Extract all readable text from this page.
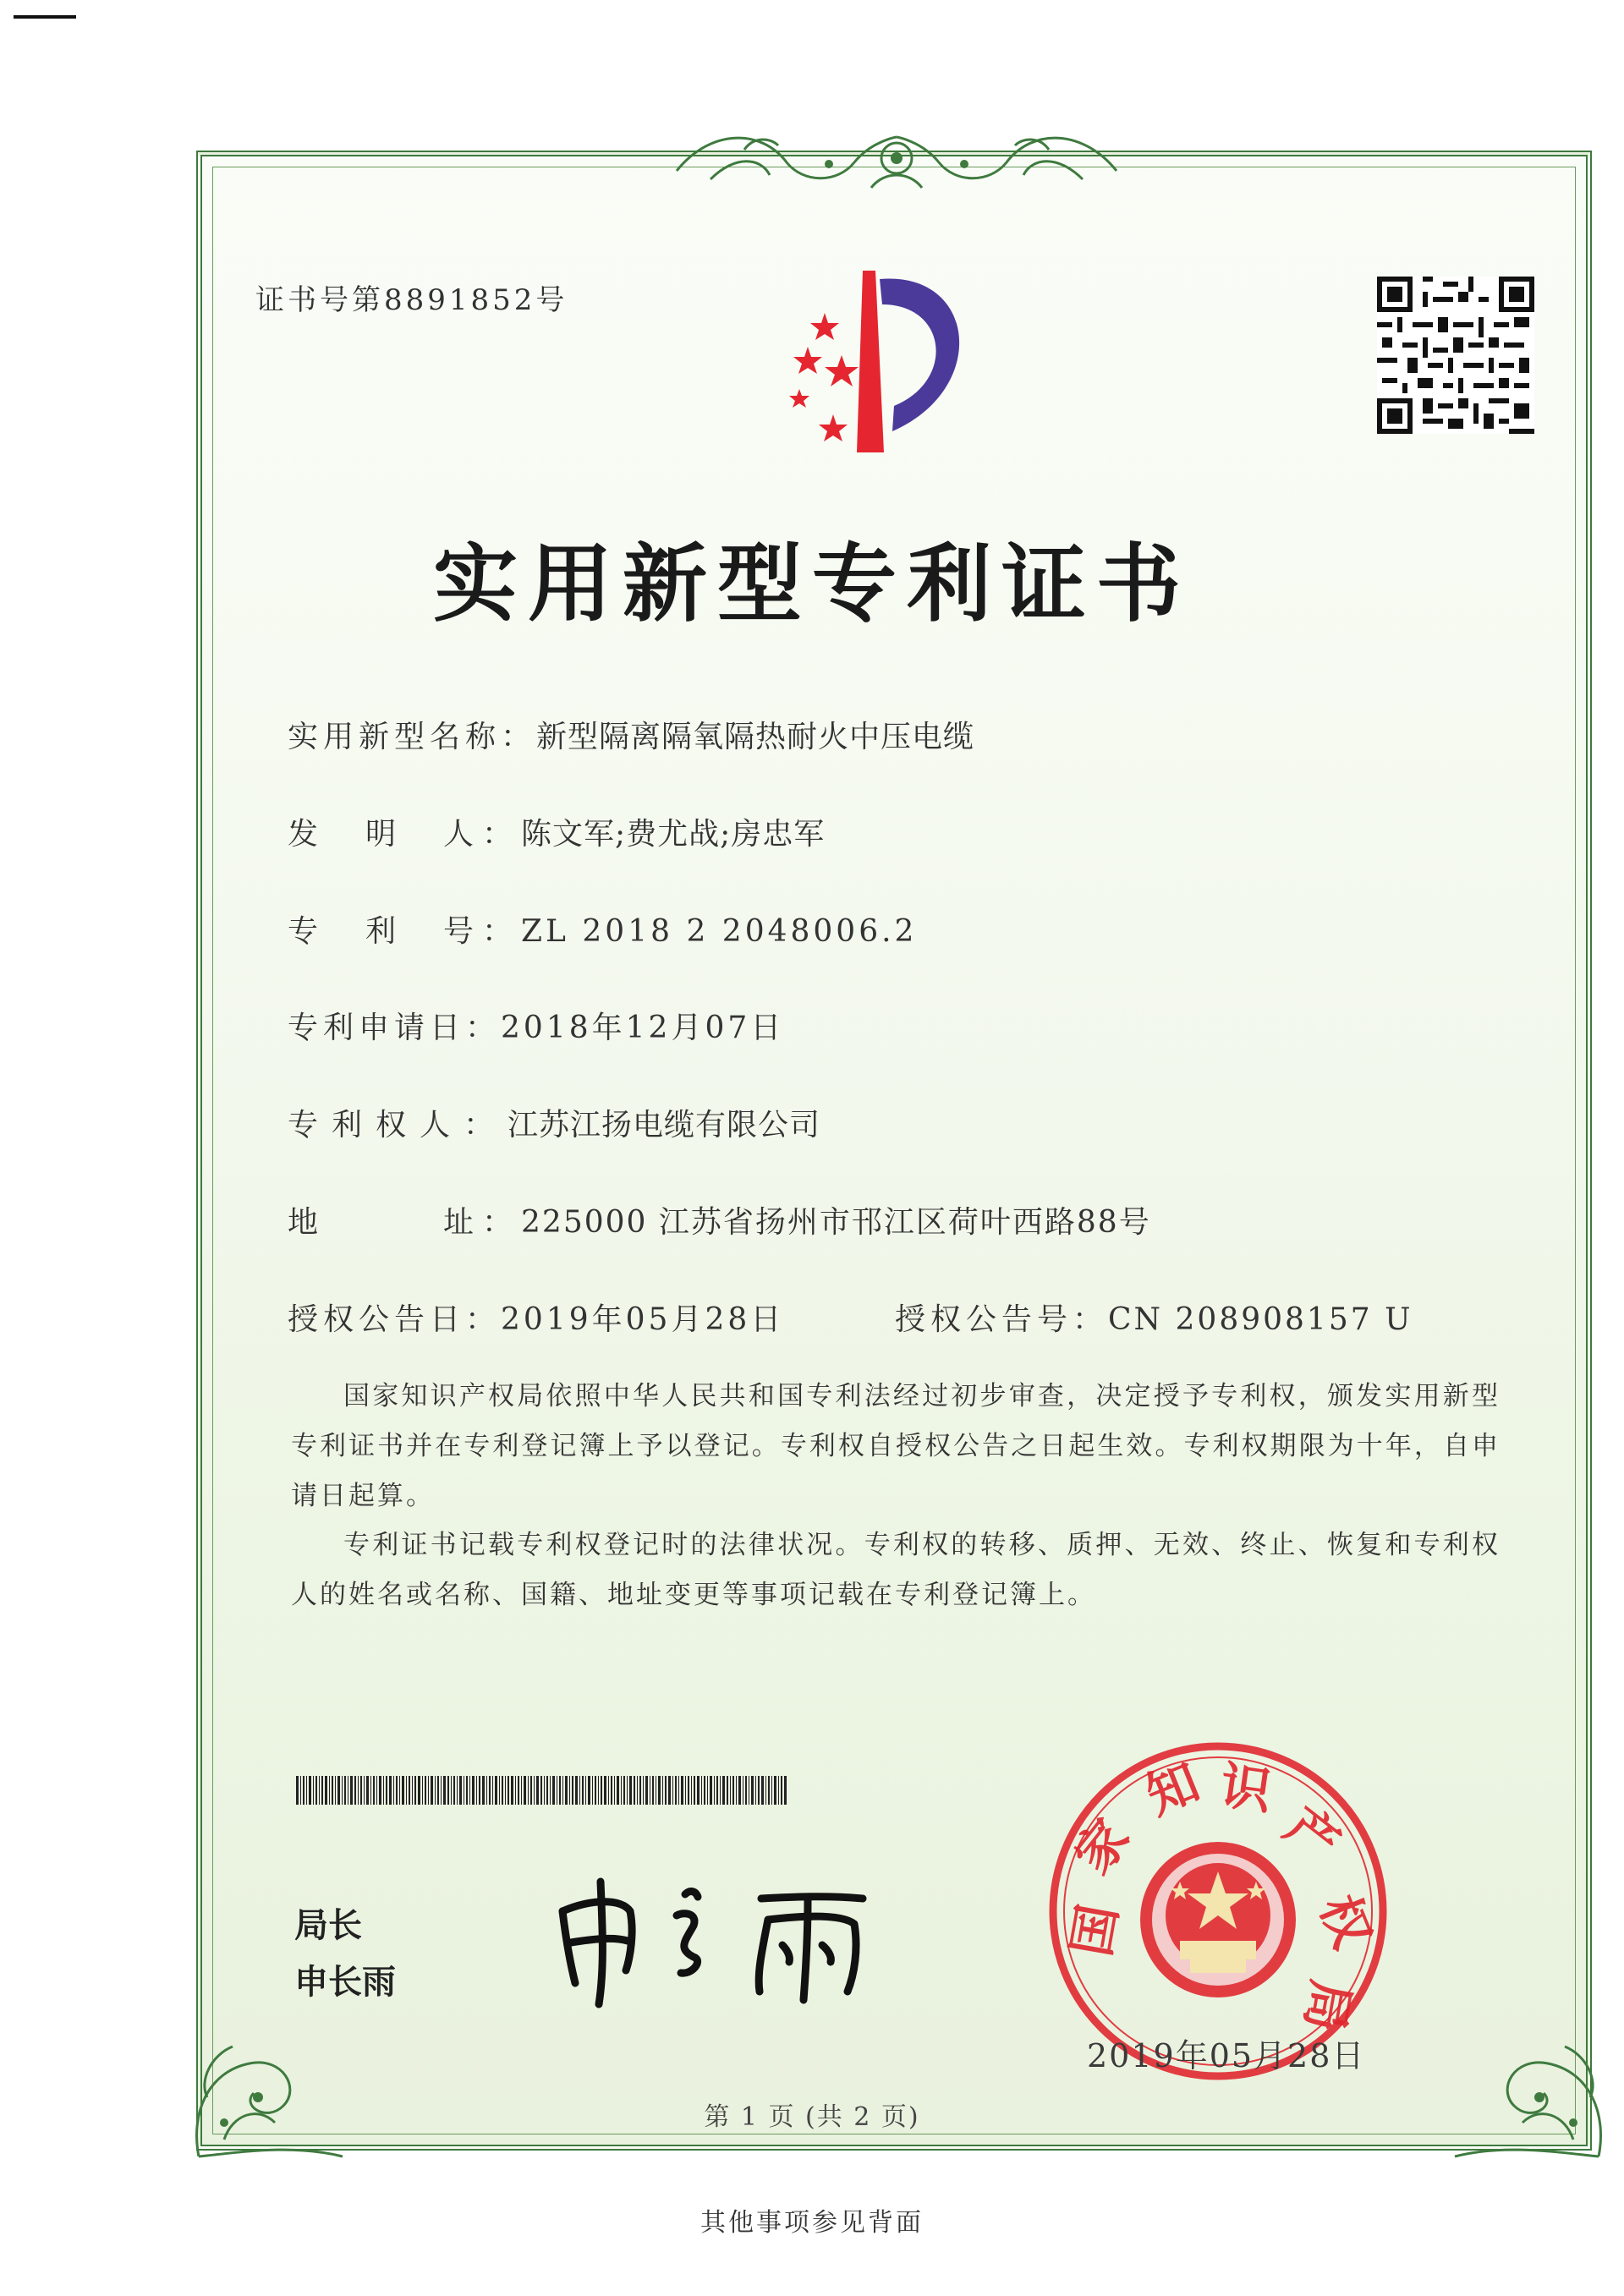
证书号第8891852号
实用新型专利证书
实用新型名称：新型隔离隔氧隔热耐火中压电缆
发　明　人：陈文军;费尤战;房忠军
专　利　号：ZL 2018 2 2048006.2
专利申请日：2018年12月07日
专利权人：江苏江扬电缆有限公司
地　　　址：225000 江苏省扬州市邗江区荷叶西路88号
授权公告日：2019年05月28日	授权公告号：CN 208908157 U
国家知识产权局依照中华人民共和国专利法经过初步审查，决定授予专利权，颁发实用新型专利证书并在专利登记簿上予以登记。专利权自授权公告之日起生效。专利权期限为十年，自申请日起算。
专利证书记载专利权登记时的法律状况。专利权的转移、质押、无效、终止、恢复和专利权人的姓名或名称、国籍、地址变更等事项记载在专利登记簿上。
局长
申长雨
国
家
知 识
产
权
局
2019年05月28日
第 1 页 (共 2 页)
其他事项参见背面
